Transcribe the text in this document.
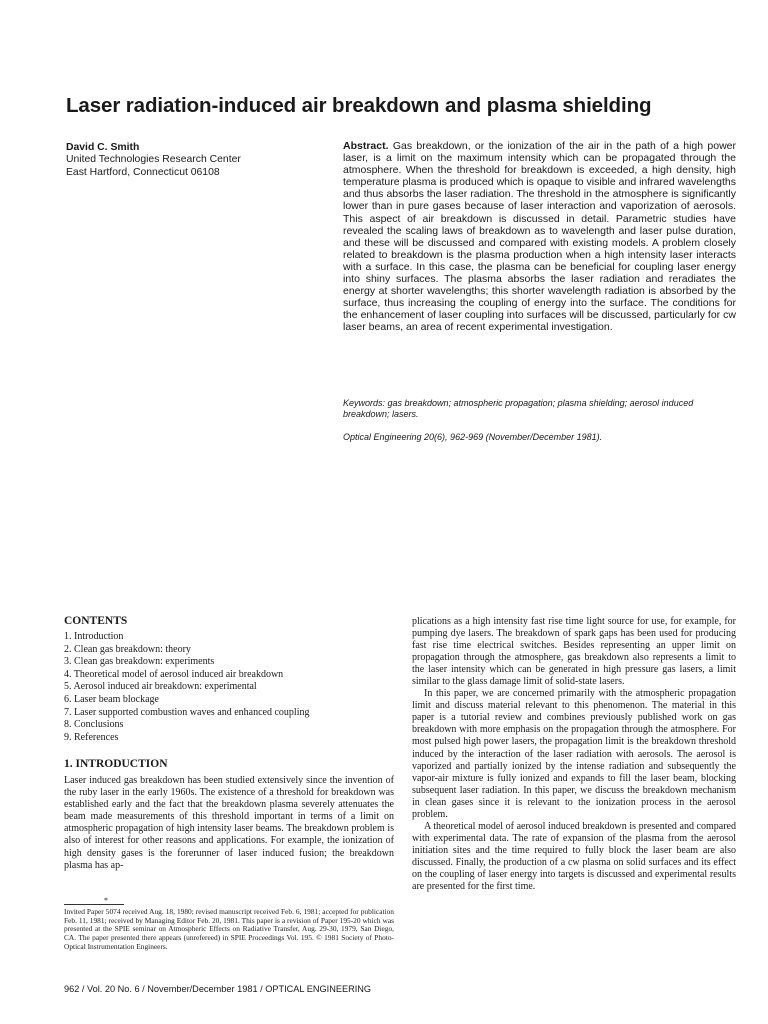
Laser radiation-induced air breakdown and plasma shielding
David C. Smith
United Technologies Research Center
East Hartford, Connecticut 06108

Abstract. Gas breakdown, or the ionization of the air in the path of a high power laser, is a limit on the maximum intensity which can be propagated through the atmosphere. When the threshold for breakdown is exceeded, a high density, high temperature plasma is produced which is opaque to visible and infrared wavelengths and thus absorbs the laser radiation. The threshold in the atmosphere is significantly lower than in pure gases because of laser interaction and vaporization of aerosols. This aspect of air breakdown is discussed in detail. Parametric studies have revealed the scaling laws of breakdown as to wavelength and laser pulse duration, and these will be discussed and compared with existing models. A problem closely related to breakdown is the plasma production when a high intensity laser interacts with a surface. In this case, the plasma can be beneficial for coupling laser energy into shiny surfaces. The plasma absorbs the laser radiation and reradiates the energy at shorter wavelengths; this shorter wavelength radiation is absorbed by the surface, thus increasing the coupling of energy into the surface. The conditions for the enhancement of laser coupling into surfaces will be discussed, particularly for cw laser beams, an area of recent experimental investigation.

Keywords: gas breakdown; atmospheric propagation; plasma shielding; aerosol induced breakdown; lasers.

Optical Engineering 20(6), 962-969 (November/December 1981).

CONTENTS
1. Introduction
2. Clean gas breakdown: theory
3. Clean gas breakdown: experiments
4. Theoretical model of aerosol induced air breakdown
5. Aerosol induced air breakdown: experimental
6. Laser beam blockage
7. Laser supported combustion waves and enhanced coupling
8. Conclusions
9. References
1. INTRODUCTION

Laser induced gas breakdown has been studied extensively since the invention of the ruby laser in the early 1960s. The existence of a threshold for breakdown was established early and the fact that the breakdown plasma severely attenuates the beam made measurements of this threshold important in terms of a limit on atmospheric propagation of high intensity laser beams. The breakdown problem is also of interest for other reasons and applications. For example, the ionization of high density gases is the forerunner of laser induced fusion; the breakdown plasma has ap-

plications as a high intensity fast rise time light source for use, for example, for pumping dye lasers. The breakdown of spark gaps has been used for producing fast rise time electrical switches. Besides representing an upper limit on propagation through the atmosphere, gas breakdown also represents a limit to the laser intensity which can be generated in high pressure gas lasers, a limit similar to the glass damage limit of solid-state lasers.

In this paper, we are concerned primarily with the atmospheric propagation limit and discuss material relevant to this phenomenon. The material in this paper is a tutorial review and combines previously published work on gas breakdown with more emphasis on the propagation through the atmosphere. For most pulsed high power lasers, the propagation limit is the breakdown threshold induced by the interaction of the laser radiation with aerosols. The aerosol is vaporized and partially ionized by the intense radiation and subsequently the vapor-air mixture is fully ionized and expands to fill the laser beam, blocking subsequent laser radiation. In this paper, we discuss the breakdown mechanism in clean gases since it is relevant to the ionization process in the aerosol problem.

A theoretical model of aerosol induced breakdown is presented and compared with experimental data. The rate of expansion of the plasma from the aerosol initiation sites and the time required to fully block the laser beam are also discussed. Finally, the production of a cw plasma on solid surfaces and its effect on the coupling of laser energy into targets is discussed and experimental results are presented for the first time.

*

Invited Paper 5074 received Aug. 18, 1980; revised manuscript received Feb. 6, 1981; accepted for publication Feb. 11, 1981; received by Managing Editor Feb. 20, 1981. This paper is a revision of Paper 195-20 which was presented at the SPIE seminar on Atmospheric Effects on Radiative Transfer, Aug. 29-30, 1979, San Diego, CA. The paper presented there appears (unrefereed) in SPIE Proceedings Vol. 195. © 1981 Society of Photo-Optical Instrumentation Engineers.

962 / Vol. 20 No. 6 / November/December 1981 / OPTICAL ENGINEERING
